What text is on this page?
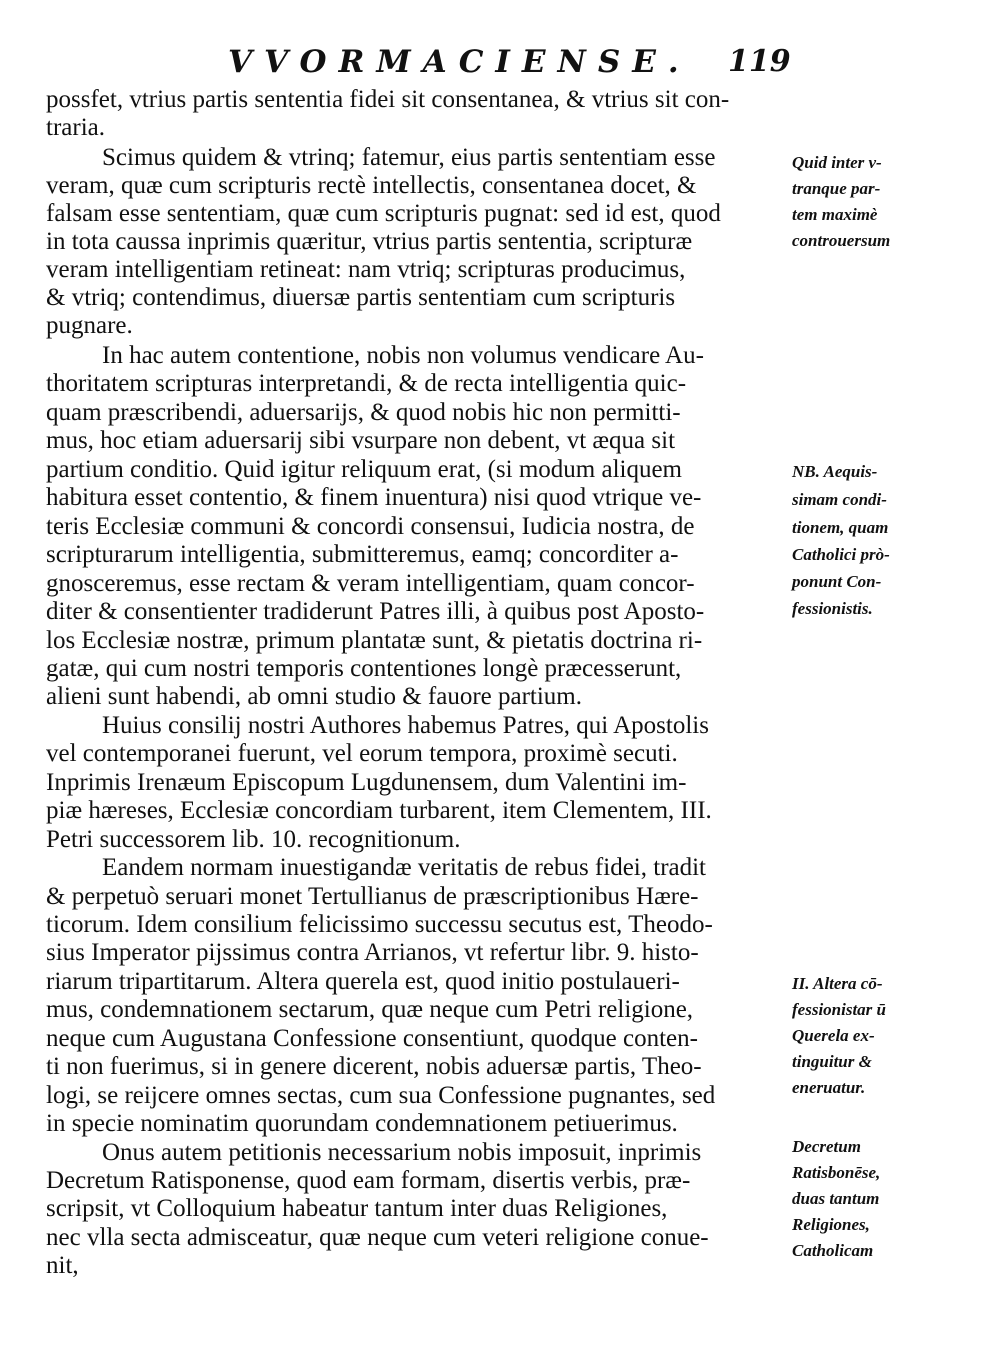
VVORMACIENSE. 119
possfet, vtrius partis sententia fidei sit consentanea, & vtrius sit con-
traria.
Scimus quidem & vtrinq; fatemur, eius partis sententiam esse
veram, quæ cum scripturis rectè intellectis, consentanea docet, &
falsam esse sententiam, quæ cum scripturis pugnat: sed id est, quod
in tota caussa inprimis quæritur, vtrius partis sententia, scripturæ
veram intelligentiam retineat: nam vtriq; scripturas producimus,
& vtriq; contendimus, diuersæ partis sententiam cum scripturis
pugnare.
In hac autem contentione, nobis non volumus vendicare Au-
thoritatem scripturas interpretandi, & de recta intelligentia quic-
quam præscribendi, aduersarijs, & quod nobis hic non permitti-
mus, hoc etiam aduersarij sibi vsurpare non debent, vt æqua sit
partium conditio. Quid igitur reliquum erat, (si modum aliquem
habitura esset contentio, & finem inuentura) nisi quod vtrique ve-
teris Ecclesiæ communi & concordi consensui, Iudicia nostra, de
scripturarum intelligentia, submitteremus, eamq; concorditer a-
gnosceremus, esse rectam & veram intelligentiam, quam concor-
diter & consentienter tradiderunt Patres illi, à quibus post Aposto-
los Ecclesiæ nostræ, primum plantatæ sunt, & pietatis doctrina ri-
gatæ, qui cum nostri temporis contentiones longè præcesserunt,
alieni sunt habendi, ab omni studio & fauore partium.
Huius consilij nostri Authores habemus Patres, qui Apostolis
vel contemporanei fuerunt, vel eorum tempora, proximè secuti.
Inprimis Irenæum Episcopum Lugdunensem, dum Valentini im-
piæ hæreses, Ecclesiæ concordiam turbarent, item Clementem, III.
Petri successorem lib. 10. recognitionum.
Eandem normam inuestigandæ veritatis de rebus fidei, tradit
& perpetuò seruari monet Tertullianus de præscriptionibus Hære-
ticorum. Idem consilium felicissimo successu secutus est, Theodo-
sius Imperator pijssimus contra Arrianos, vt refertur libr. 9. histo-
riarum tripartitarum. Altera querela est, quod initio postulaueri-
mus, condemnationem sectarum, quæ neque cum Petri religione,
neque cum Augustana Confessione consentiunt, quodque conten-
ti non fuerimus, si in genere dicerent, nobis aduersæ partis, Theo-
logi, se reijcere omnes sectas, cum sua Confessione pugnantes, sed
in specie nominatim quorundam condemnationem petiuerimus.
Onus autem petitionis necessarium nobis imposuit, inprimis
Decretum Ratisponense, quod eam formam, disertis verbis, præ-
scripsit, vt Colloquium habeatur tantum inter duas Religiones,
nec vlla secta admisceatur, quæ neque cum veteri religione conue-
nit,
Quid inter v-
tranque par-
tem maximè
controuersum
NB. Aequis-
simam condi-
tionem, quam
Catholici prò-
ponunt Con-
fessionistis.
II. Altera cō-
fessionistar ū
Querela ex-
tinguitur &
eneruatur.
Decretum
Ratisbonēse,
duas tantum
Religiones,
Catholicam
